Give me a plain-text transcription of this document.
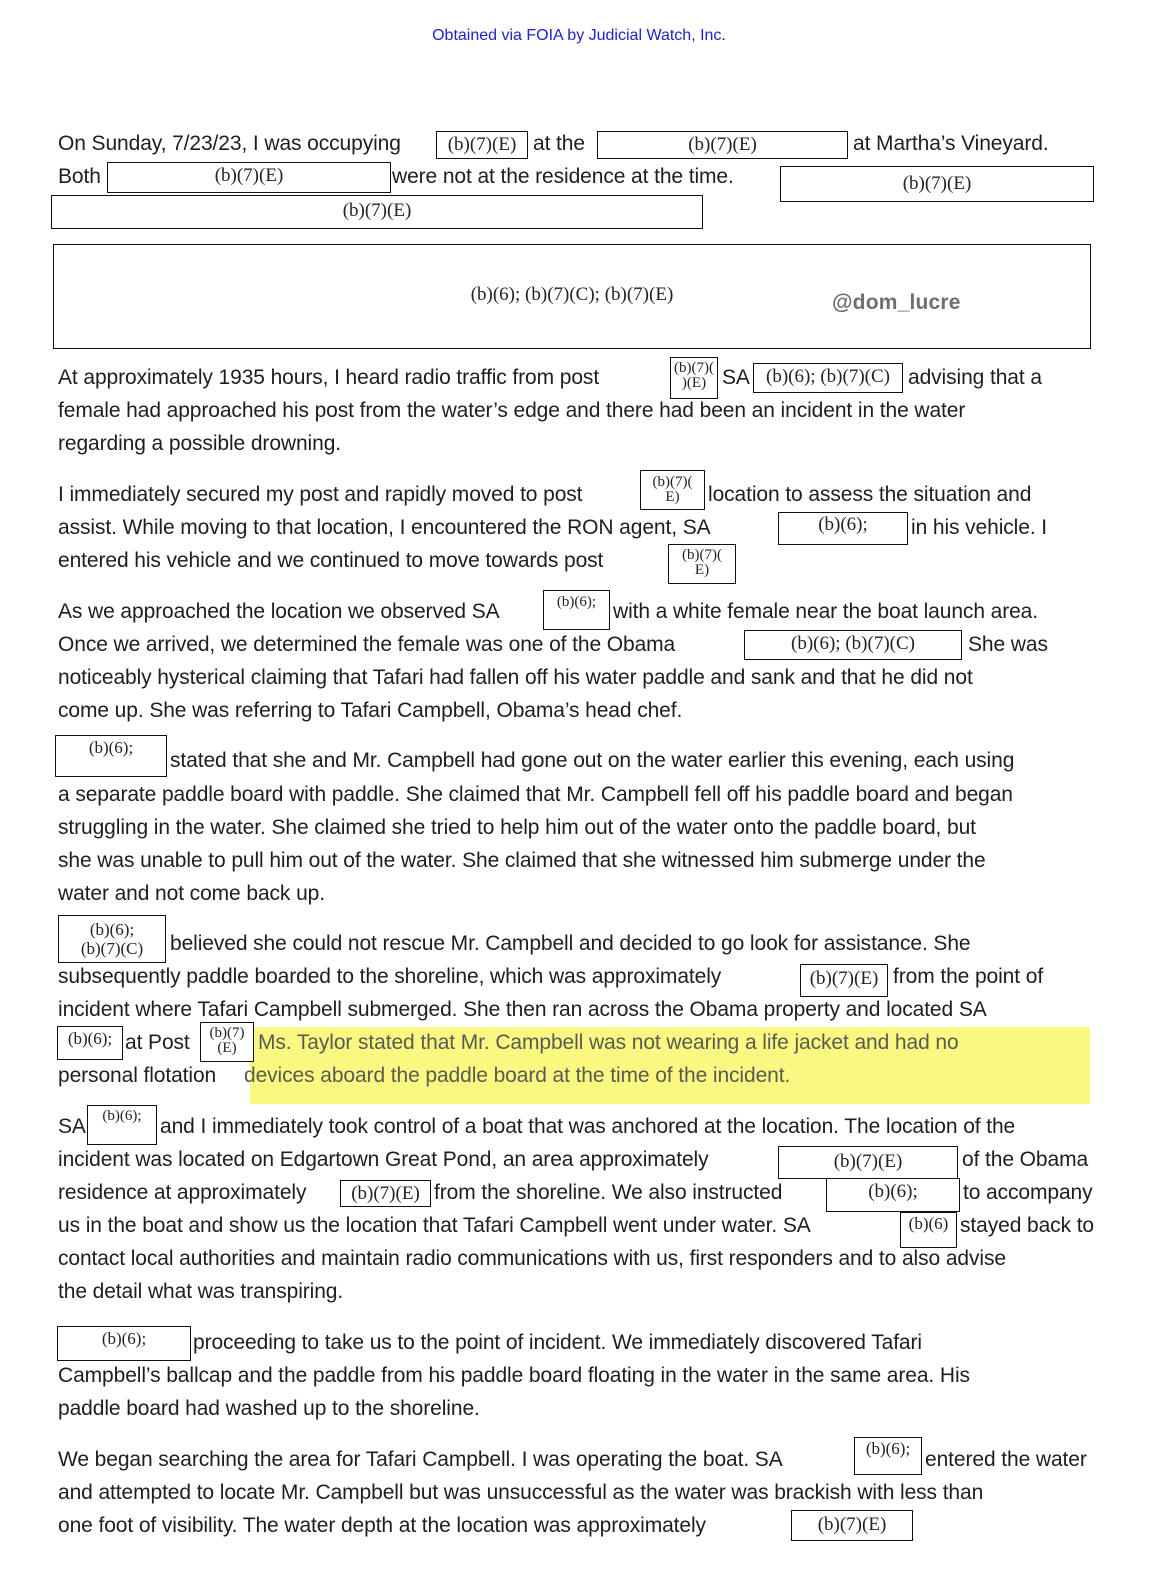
Obtained via FOIA by Judicial Watch, Inc.
On Sunday, 7/23/23, I was occupying	(b)(7)(E) at the	(b)(7)(E)	at Martha’s Vineyard.
Both	(b)(7)(E)	were not at the residence at the time.	(b)(7)(E)
(b)(7)(E)
(b)(6); (b)(7)(C); (b)(7)(E)	@dom_lucre
At approximately 1935 hours, I heard radio traffic from post	(b)(7)(
)(E) SA (b)(6); (b)(7)(C) advising that a
female had approached his post from the water’s edge and there had been an incident in the water
regarding a possible drowning.
I immediately secured my post and rapidly moved to post
(b)(7)(
E)	location to assess the situation and
assist. While moving to that location, I encountered the RON agent, SA	(b)(6);	in his vehicle. I
entered his vehicle and we continued to move towards post	(b)(7)(
E)
As we approached the location we observed SA	(b)(6); with a white female near the boat launch area.
Once we arrived, we determined the female was one of the Obama	(b)(6); (b)(7)(C)	She was
noticeably hysterical claiming that Tafari had fallen off his water paddle and sank and that he did not
come up. She was referring to Tafari Campbell, Obama’s head chef.
(b)(6);
stated that she and Mr. Campbell had gone out on the water earlier this evening, each using
a separate paddle board with paddle. She claimed that Mr. Campbell fell off his paddle board and began
struggling in the water. She claimed she tried to help him out of the water onto the paddle board, but
she was unable to pull him out of the water. She claimed that she witnessed him submerge under the
water and not come back up.
(b)(6);
(b)(7)(C)	believed she could not rescue Mr. Campbell and decided to go look for assistance. She
subsequently paddle boarded to the shoreline, which was approximately	(b)(7)(E) from the point of
incident where Tafari Campbell submerged. She then ran across the Obama property and located SA
(b)(6); at Post	(b)(7)
(E)	Ms. Taylor stated that Mr. Campbell was not wearing a life jacket and had no
personal flotation devices aboard the paddle board at the time of the incident.
SA	(b)(6); and I immediately took control of a boat that was anchored at the location. The location of the
incident was located on Edgartown Great Pond, an area approximately	(b)(7)(E)	of the Obama
residence at approximately	(b)(7)(E) from the shoreline. We also instructed	(b)(6);	to accompany
us in the boat and show us the location that Tafari Campbell went under water. SA	(b)(6) stayed back to
contact local authorities and maintain radio communications with us, first responders and to also advise
the detail what was transpiring.
(b)(6);	proceeding to take us to the point of incident. We immediately discovered Tafari
Campbell’s ballcap and the paddle from his paddle board floating in the water in the same area. His
paddle board had washed up to the shoreline.
We began searching the area for Tafari Campbell. I was operating the boat. SA	(b)(6); entered the water
and attempted to locate Mr. Campbell but was unsuccessful as the water was brackish with less than
one foot of visibility. The water depth at the location was approximately	(b)(7)(E)
